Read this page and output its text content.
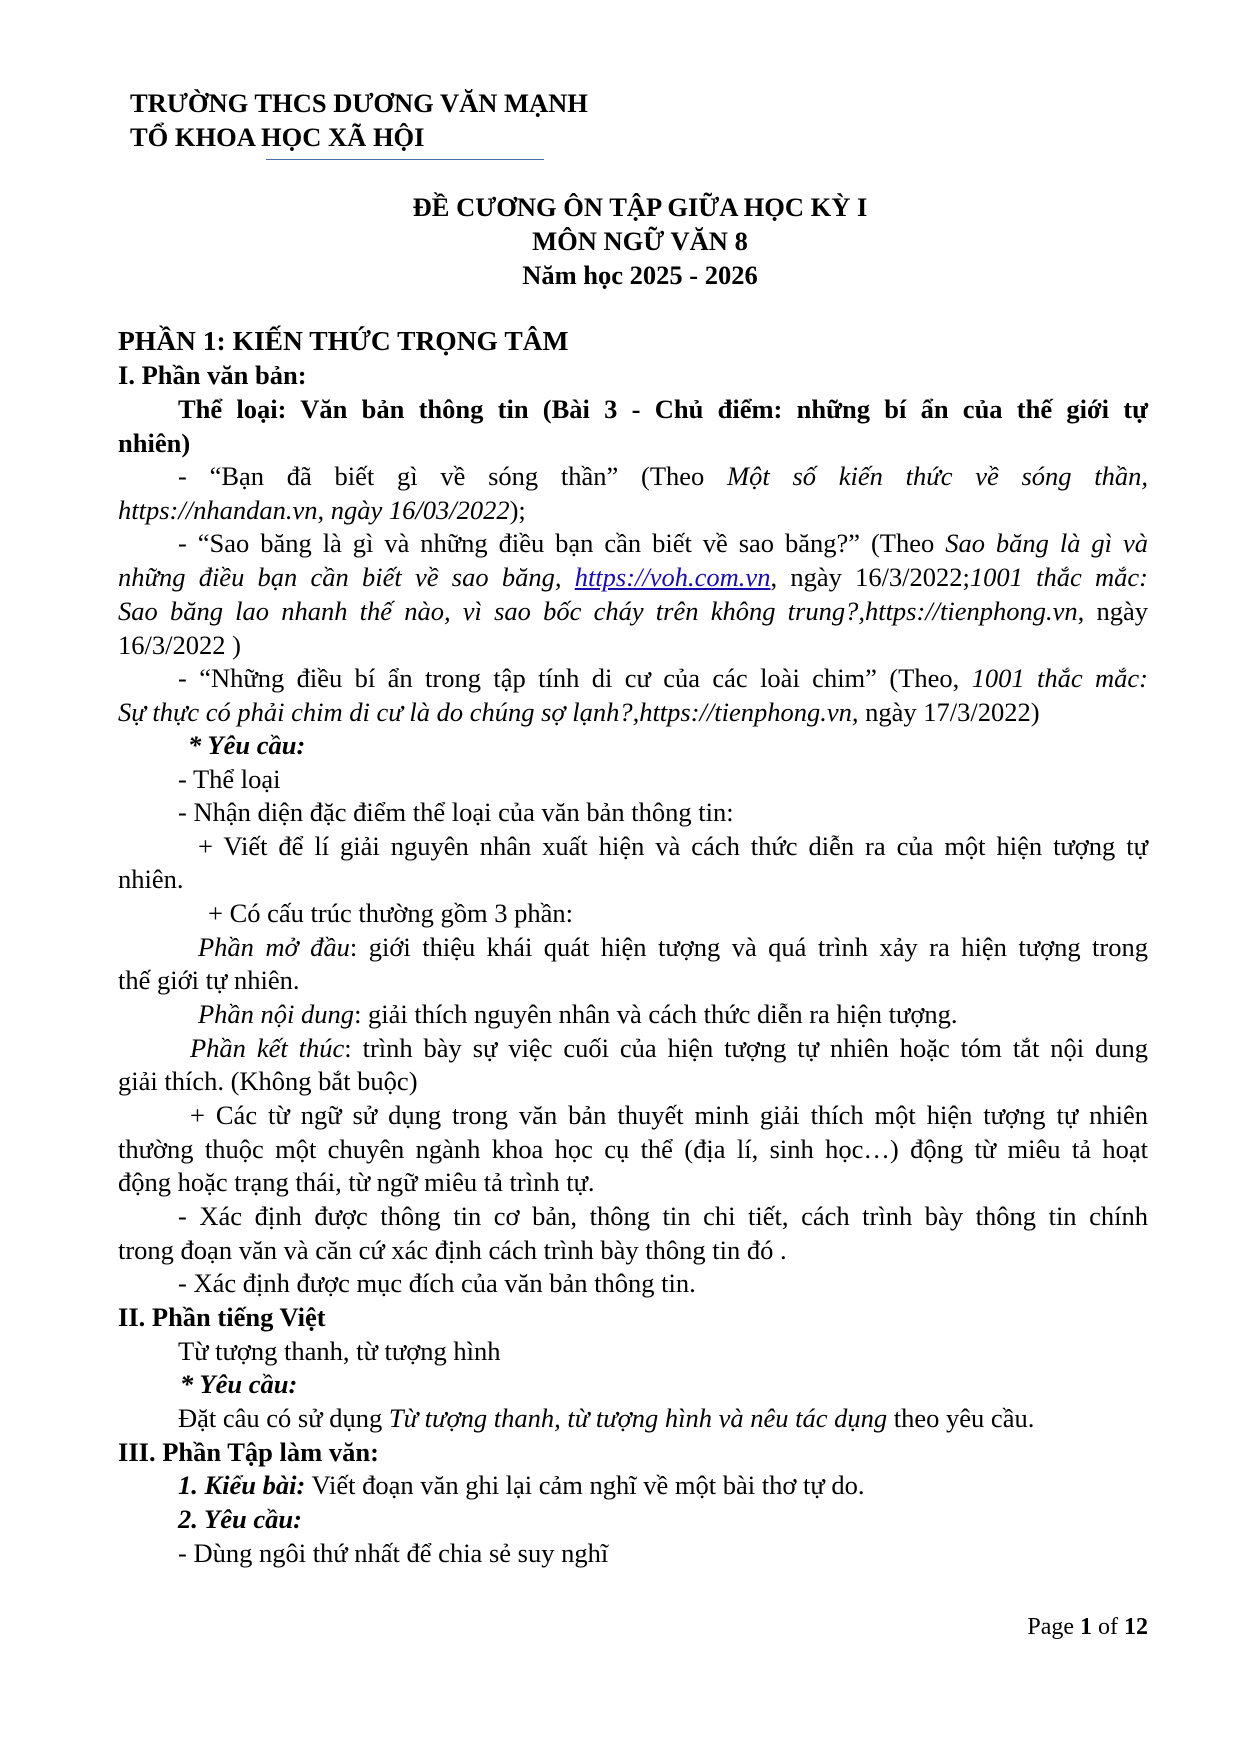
TRƯỜNG THCS DƯƠNG VĂN MẠNH
TỔ KHOA HỌC XÃ HỘI
ĐỀ CƯƠNG ÔN TẬP GIỮA HỌC KỲ I
MÔN NGỮ VĂN 8
Năm học 2025 - 2026
PHẦN 1: KIẾN THỨC TRỌNG TÂM
I. Phần văn bản:
Thể loại: Văn bản thông tin (Bài 3 - Chủ điểm: những bí ẩn của thế giới tự
nhiên)
- “Bạn đã biết gì về sóng thần” (Theo Một số kiến thức về sóng thần,
https://nhandan.vn, ngày 16/03/2022);
- “Sao băng là gì và những điều bạn cần biết về sao băng?” (Theo Sao băng là gì và
những điều bạn cần biết về sao băng, https://voh.com.vn, ngày 16/3/2022;1001 thắc mắc:
Sao băng lao nhanh thế nào, vì sao bốc cháy trên không trung?,https://tienphong.vn, ngày
16/3/2022 )
- “Những điều bí ẩn trong tập tính di cư của các loài chim” (Theo, 1001 thắc mắc:
Sự thực có phải chim di cư là do chúng sợ lạnh?,https://tienphong.vn, ngày 17/3/2022)
* Yêu cầu:
- Thể loại
- Nhận diện đặc điểm thể loại của văn bản thông tin:
+ Viết để lí giải nguyên nhân xuất hiện và cách thức diễn ra của một hiện tượng tự
nhiên.
+ Có cấu trúc thường gồm 3 phần:
Phần mở đầu: giới thiệu khái quát hiện tượng và quá trình xảy ra hiện tượng trong
thế giới tự nhiên.
Phần nội dung: giải thích nguyên nhân và cách thức diễn ra hiện tượng.
Phần kết thúc: trình bày sự việc cuối của hiện tượng tự nhiên hoặc tóm tắt nội dung
giải thích. (Không bắt buộc)
+ Các từ ngữ sử dụng trong văn bản thuyết minh giải thích một hiện tượng tự nhiên
thường thuộc một chuyên ngành khoa học cụ thể (địa lí, sinh học…) động từ miêu tả hoạt
động hoặc trạng thái, từ ngữ miêu tả trình tự.
- Xác định được thông tin cơ bản, thông tin chi tiết, cách trình bày thông tin chính
trong đoạn văn và căn cứ xác định cách trình bày thông tin đó .
- Xác định được mục đích của văn bản thông tin.
II. Phần tiếng Việt
Từ tượng thanh, từ tượng hình
* Yêu cầu:
Đặt câu có sử dụng Từ tượng thanh, từ tượng hình và nêu tác dụng theo yêu cầu.
III. Phần Tập làm văn:
1. Kiểu bài: Viết đoạn văn ghi lại cảm nghĩ về một bài thơ tự do.
2. Yêu cầu:
- Dùng ngôi thứ nhất để chia sẻ suy nghĩ
Page 1 of 12
